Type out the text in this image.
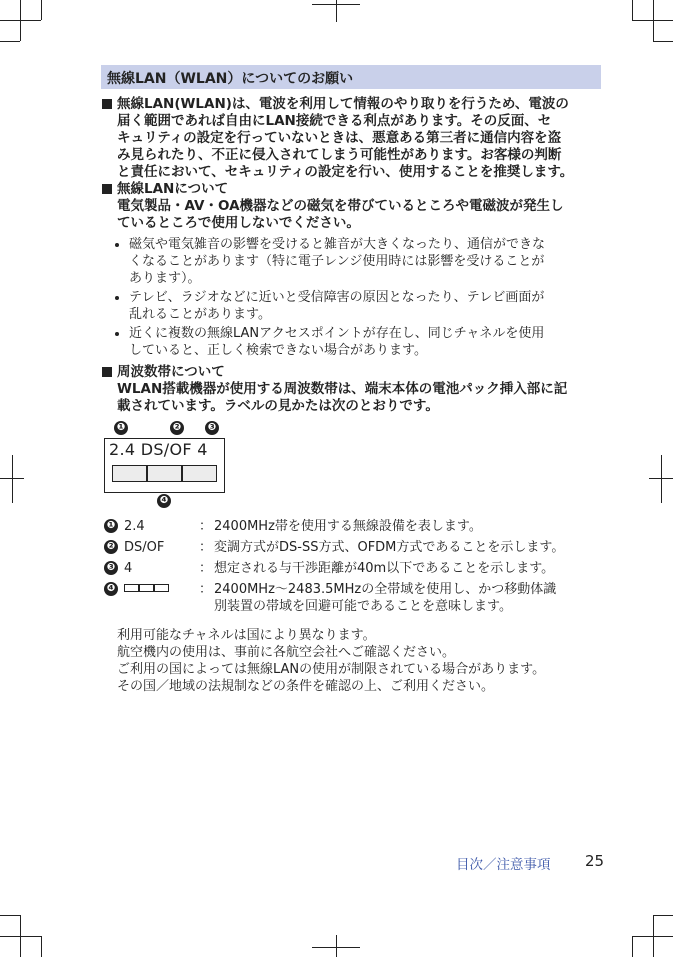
無線LAN（WLAN）についてのお願い
無線LAN(WLAN)は、電波を利用して情報のやり取りを行うため、電波の
届く範囲であれば自由にLAN接続できる利点があります。その反面、セ
キュリティの設定を行っていないときは、悪意ある第三者に通信内容を盗
み見られたり、不正に侵入されてしまう可能性があります。お客様の判断
と責任において、セキュリティの設定を行い、使用することを推奨します。
無線LANについて
電気製品・AV・OA機器などの磁気を帯びているところや電磁波が発生し
ているところで使用しないでください。
磁気や電気雑音の影響を受けると雑音が大きくなったり、通信ができな
くなることがあります（特に電子レンジ使用時には影響を受けることが
あります）。
テレビ、ラジオなどに近いと受信障害の原因となったり、テレビ画面が
乱れることがあります。
近くに複数の無線LANアクセスポイントが存在し、同じチャネルを使用
していると、正しく検索できない場合があります。
周波数帯について
WLAN搭載機器が使用する周波数帯は、端末本体の電池パック挿入部に記
載されています。ラベルの見かたは次のとおりです。
❶	❷	❸
2.4 DS/OF 4
❹
❶ 2.4	： 2400MHz帯を使用する無線設備を表します。
❷ DS/OF	： 変調方式がDS-SS方式、OFDM方式であることを示します。
❸ 4	： 想定される与干渉距離が40m以下であることを示します。
❹	： 2400MHz～2483.5MHzの全帯域を使用し、かつ移動体識
別装置の帯域を回避可能であることを意味します。

利用可能なチャネルは国により異なります。

航空機内の使用は、事前に各航空会社へご確認ください。

ご利用の国によっては無線LANの使用が制限されている場合があります。

その国／地域の法規制などの条件を確認の上、ご利用ください。

目次／注意事項 25
